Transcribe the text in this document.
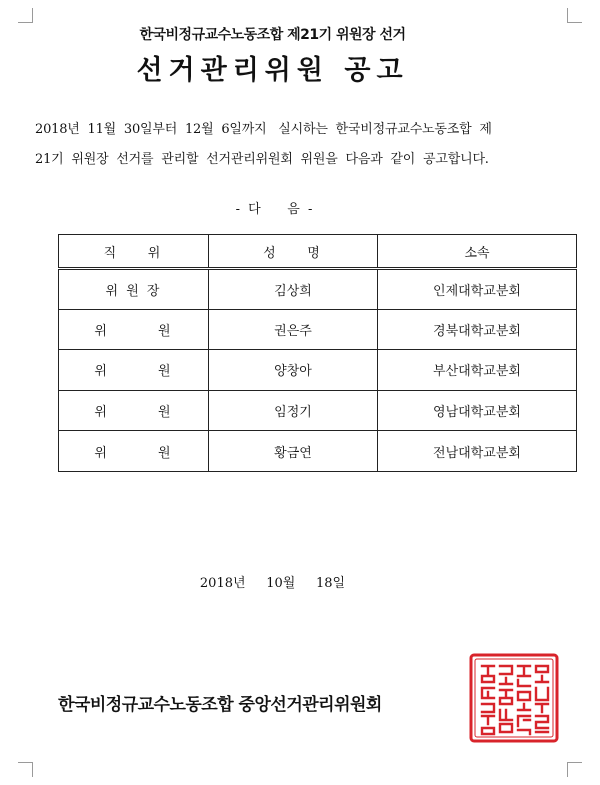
한국비정규교수노동조합 제21기 위원장 선거
선거관리위원 공고
2018년  11월  30일부터  12월  6일까지   실시하는  한국비정규교수노동조합  제
21기  위원장  선거를  관리할  선거관리위원회  위원을  다음과  같이  공고합니다.
- 다    음 -
직    위	성    명	소속
위 원 장	김상희	인제대학교분회
위        원	권은주	경북대학교분회
위        원	양창아	부산대학교분회
위        원	임정기	영남대학교분회
위        원	황금연	전남대학교분회
2018년     10월     18일
한국비정규교수노동조합 중앙선거관리위원회
